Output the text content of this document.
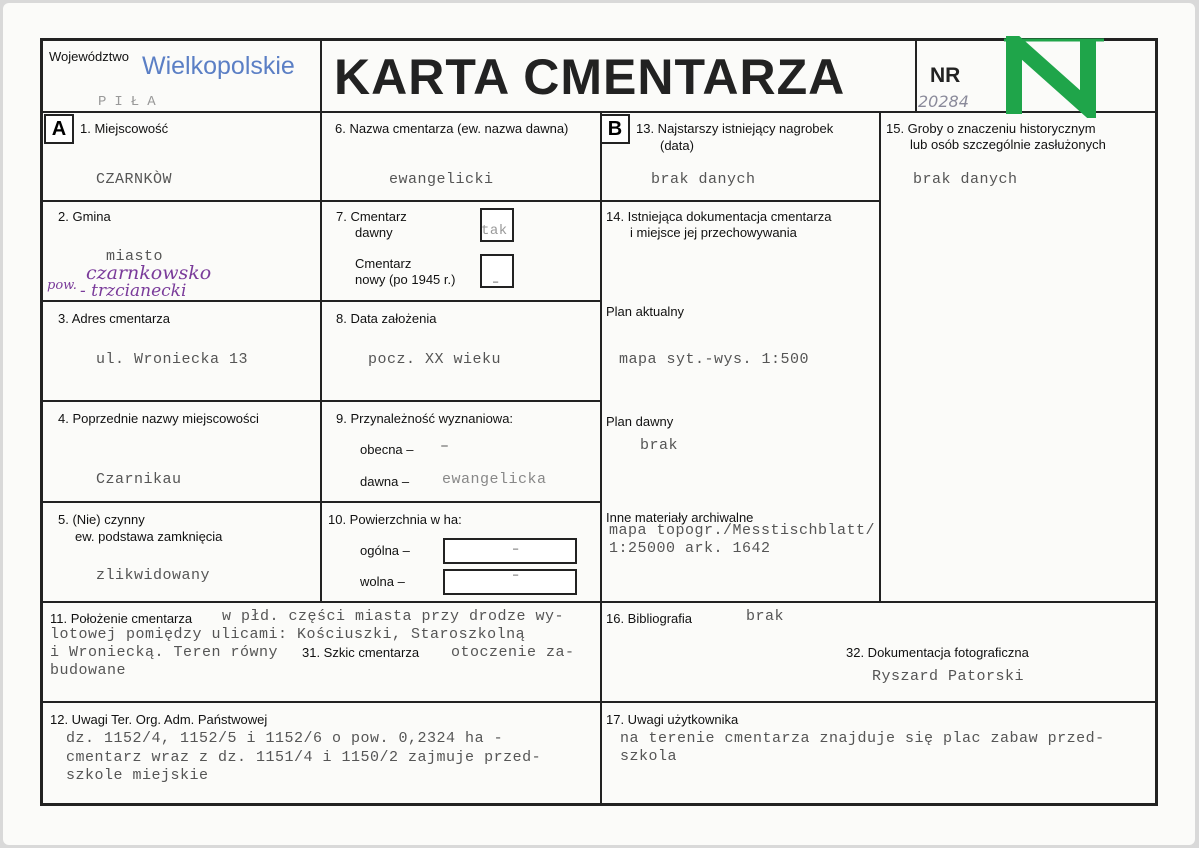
Województwo Wielkopolskie
PIŁA	KARTA CMENTARZA	NR
20284
A	B
1. Miejscowość
CZARNKÒW
2. Gmina
miasto
pow.
czarnkowsko
- trzcianecki
3. Adres cmentarza
ul. Wroniecka 13
4. Poprzednie nazwy miejscowości
Czarnikau
5. (Nie) czynny
ew. podstawa zamknięcia
zlikwidowany
6. Nazwa cmentarza (ew. nazwa dawna)
ewangelicki
7. Cmentarz
dawny	tak
Cmentarz
nowy (po 1945 r.)	–
8. Data założenia
pocz. XX wieku
9. Przynależność wyznaniowa:
obecna – –
dawna – ewangelicka
10. Powierzchnia w ha:
ogólna –	–
wolna –	–
13. Najstarszy istniejący nagrobek
(data)
brak danych
14. Istniejąca dokumentacja cmentarza
i miejsce jej przechowywania
Plan aktualny
mapa syt.-wys. 1:500
Plan dawny
brak
Inne materiały archiwalne
mapa topogr./Messtischblatt/
1:25000 ark. 1642
15. Groby o znaczeniu historycznym
lub osób szczególnie zasłużonych
brak danych
11. Położenie cmentarza w płd. części miasta przy drodze wy-
lotowej pomiędzy ulicami: Kościuszki, Staroszkolną
i Wroniecką. Teren równy 31. Szkic cmentarza otoczenie za-
budowane
16. Bibliografia	brak
32. Dokumentacja fotograficzna
Ryszard Patorski
12. Uwagi Ter. Org. Adm. Państwowej
dz. 1152/4, 1152/5 i 1152/6 o pow. 0,2324 ha -
cmentarz wraz z dz. 1151/4 i 1150/2 zajmuje przed-
szkole miejskie
17. Uwagi użytkownika
na terenie cmentarza znajduje się plac zabaw przed-
szkola
